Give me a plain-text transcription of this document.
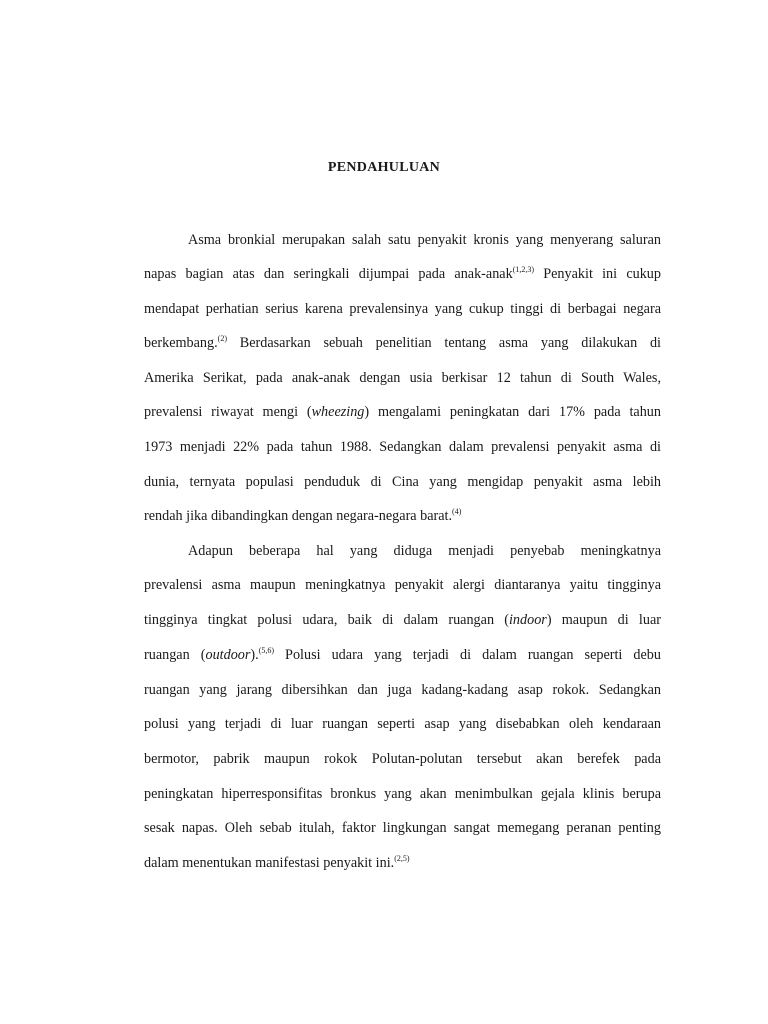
PENDAHULUAN
Asma bronkial merupakan salah satu penyakit kronis yang menyerang saluran
napas bagian atas dan seringkali dijumpai pada anak-anak$^{(1,2,3)}$ Penyakit ini cukup
mendapat perhatian serius karena prevalensinya yang cukup tinggi di berbagai negara
berkembang.$^{(2)}$ Berdasarkan sebuah penelitian tentang asma yang dilakukan di
Amerika Serikat, pada anak-anak dengan usia berkisar 12 tahun di South Wales,
prevalensi riwayat mengi (wheezing) mengalami peningkatan dari 17% pada tahun
1973 menjadi 22% pada tahun 1988. Sedangkan dalam prevalensi penyakit asma di
dunia, ternyata populasi penduduk di Cina yang mengidap penyakit asma lebih
rendah jika dibandingkan dengan negara-negara barat.$^{(4)}$
Adapun beberapa hal yang diduga menjadi penyebab meningkatnya
prevalensi asma maupun meningkatnya penyakit alergi diantaranya yaitu tingginya
tingginya tingkat polusi udara, baik di dalam ruangan (indoor) maupun di luar
ruangan (outdoor).$^{(5,6)}$ Polusi udara yang terjadi di dalam ruangan seperti debu
ruangan yang jarang dibersihkan dan juga kadang-kadang asap rokok. Sedangkan
polusi yang terjadi di luar ruangan seperti asap yang disebabkan oleh kendaraan
bermotor, pabrik maupun rokok Polutan-polutan tersebut akan berefek pada
peningkatan hiperresponsifitas bronkus yang akan menimbulkan gejala klinis berupa
sesak napas. Oleh sebab itulah, faktor lingkungan sangat memegang peranan penting
dalam menentukan manifestasi penyakit ini.$^{(2,5)}$
